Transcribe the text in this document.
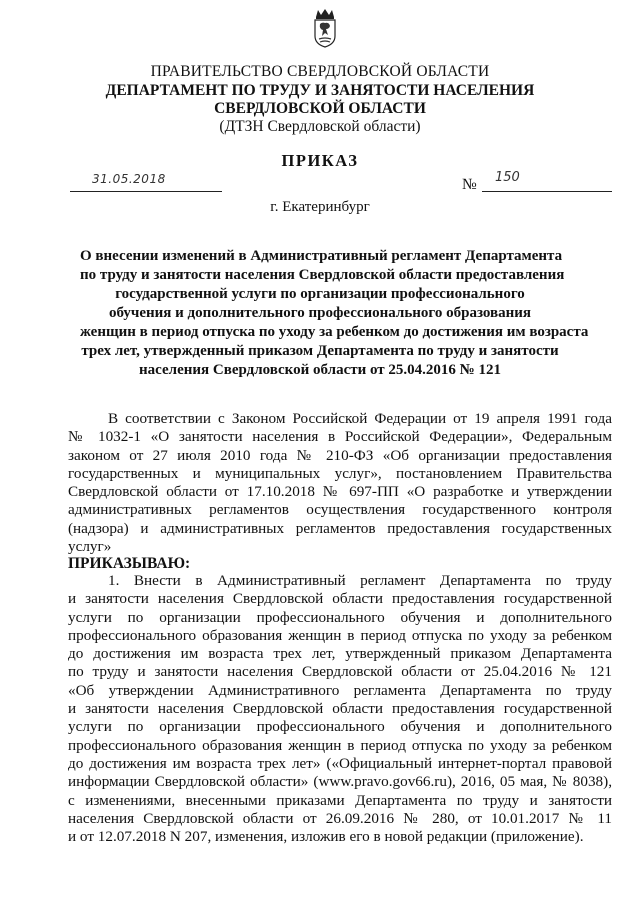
ПРАВИТЕЛЬСТВО СВЕРДЛОВСКОЙ ОБЛАСТИ
ДЕПАРТАМЕНТ ПО ТРУДУ И ЗАНЯТОСТИ НАСЕЛЕНИЯ
СВЕРДЛОВСКОЙ ОБЛАСТИ
(ДТЗН Свердловской области)
ПРИКАЗ
31.05.2018	№ 150
г. Екатеринбург
О внесении изменений в Административный регламент Департамента
по труду и занятости населения Свердловской области предоставления
государственной услуги по организации профессионального
обучения и дополнительного профессионального образования
женщин в период отпуска по уходу за ребенком до достижения им возраста
трех лет, утвержденный приказом Департамента по труду и занятости
населения Свердловской области от 25.04.2016 № 121
В соответствии с Законом Российской Федерации от 19 апреля 1991 года
№ 1032-1 «О занятости населения в Российской Федерации», Федеральным
законом от 27 июля 2010 года № 210-ФЗ «Об организации предоставления
государственных и муниципальных услуг», постановлением Правительства
Свердловской области от 17.10.2018 № 697-ПП «О разработке и утверждении
административных регламентов осуществления государственного контроля
(надзора) и административных регламентов предоставления государственных
услуг»
ПРИКАЗЫВАЮ:
1. Внести в Административный регламент Департамента по труду
и занятости населения Свердловской области предоставления государственной
услуги по организации профессионального обучения и дополнительного
профессионального образования женщин в период отпуска по уходу за ребенком
до достижения им возраста трех лет, утвержденный приказом Департамента
по труду и занятости населения Свердловской области от 25.04.2016 № 121
«Об утверждении Административного регламента Департамента по труду
и занятости населения Свердловской области предоставления государственной
услуги по организации профессионального обучения и дополнительного
профессионального образования женщин в период отпуска по уходу за ребенком
до достижения им возраста трех лет» («Официальный интернет-портал правовой
информации Свердловской области» (www.pravo.gov66.ru), 2016, 05 мая, № 8038),
с изменениями, внесенными приказами Департамента по труду и занятости
населения Свердловской области от 26.09.2016 № 280, от 10.01.2017 № 11
и от 12.07.2018 N 207, изменения, изложив его в новой редакции (приложение).
